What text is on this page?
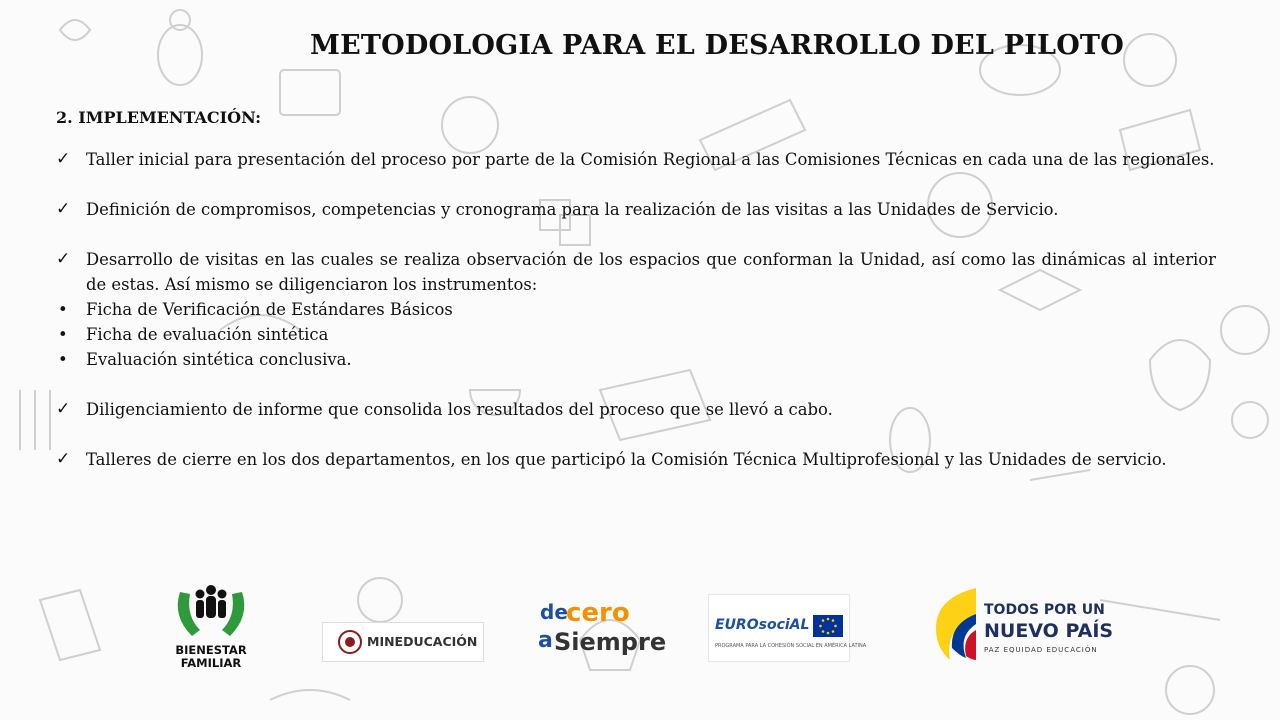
METODOLOGIA PARA EL DESARROLLO DEL PILOTO
2. IMPLEMENTACIÓN:
✓ Taller inicial para presentación del proceso por parte de la Comisión Regional a las Comisiones Técnicas en cada una de las regionales.
✓ Definición de compromisos, competencias y cronograma para la realización de las visitas a las Unidades de Servicio.
✓ Desarrollo de visitas en las cuales se realiza observación de los espacios que conforman la Unidad, así como las dinámicas al interior de estas. Así mismo se diligenciaron los instrumentos:
• Ficha de Verificación de Estándares Básicos
• Ficha de evaluación sintética
• Evaluación sintética conclusiva.
✓ Diligenciamiento de informe que consolida los resultados del proceso que se llevó a cabo.
✓ Talleres de cierre en los dos departamentos, en los que participó la Comisión Técnica Multiprofesional y las Unidades de servicio.
BIENESTAR
FAMILIAR
MINEDUCACIÓN
de
cero
a Siempre
EUROsociAL
PROGRAMA PARA LA COHESIÓN SOCIAL EN AMÉRICA LATINA
TODOS POR UN
NUEVO PAÍS
PAZ EQUIDAD EDUCACIÓN
